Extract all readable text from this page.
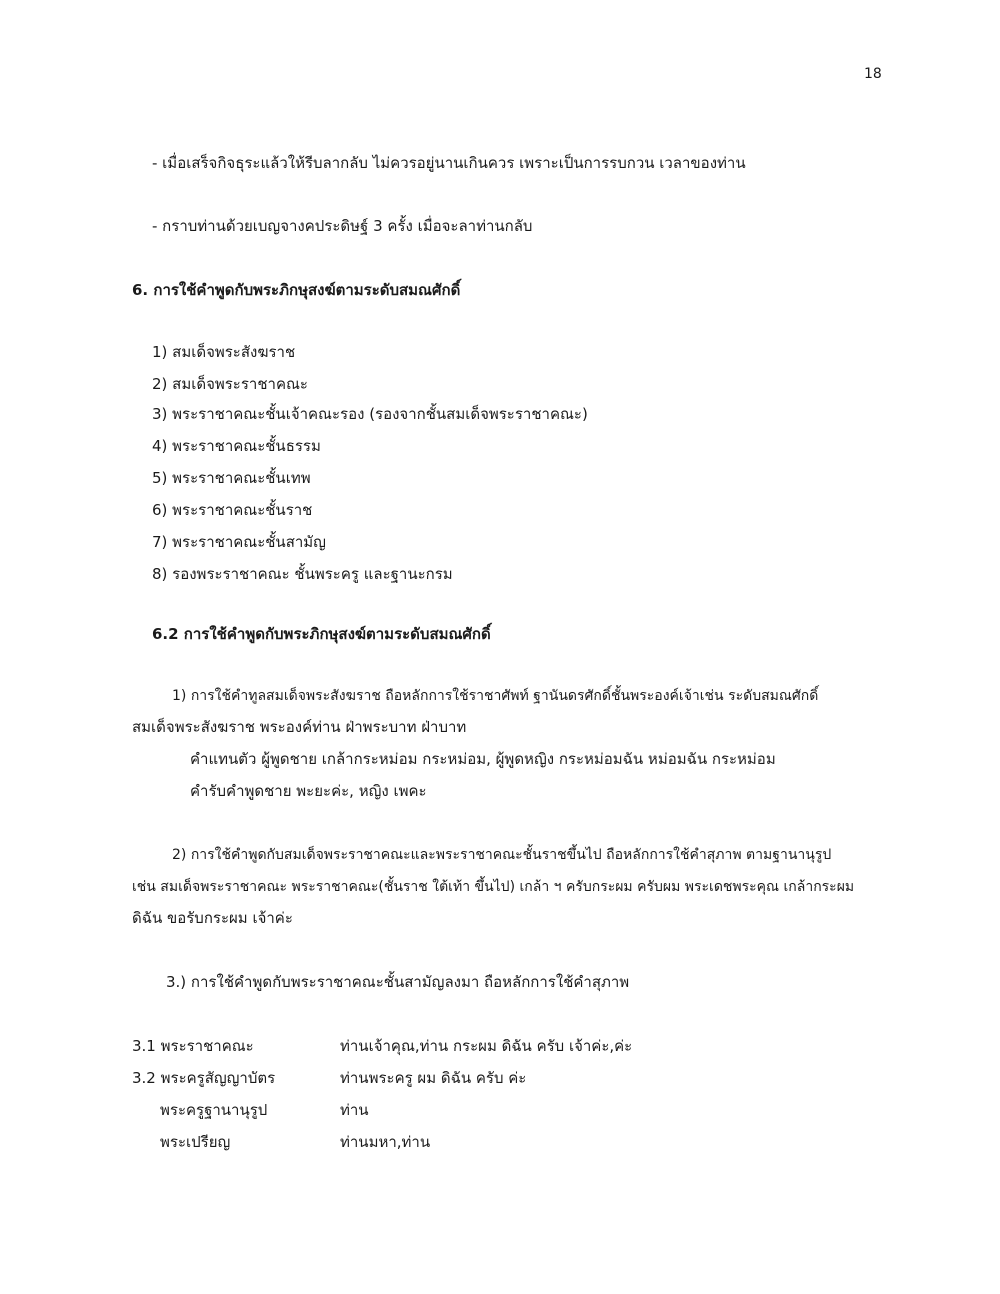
18
- เมื่อเสร็จกิจธุระแล้วให้รีบลากลับ ไม่ควรอยู่นานเกินควร เพราะเป็นการรบกวน เวลาของท่าน
- กราบท่านด้วยเบญจางคประดิษฐ์ 3 ครั้ง เมื่อจะลาท่านกลับ
6. การใช้คำพูดกับพระภิกษุสงฆ์ตามระดับสมณศักดิ์
1) สมเด็จพระสังฆราช
2) สมเด็จพระราชาคณะ
3) พระราชาคณะชั้นเจ้าคณะรอง (รองจากชั้นสมเด็จพระราชาคณะ)
4) พระราชาคณะชั้นธรรม
5) พระราชาคณะชั้นเทพ
6) พระราชาคณะชั้นราช
7) พระราชาคณะชั้นสามัญ
8) รองพระราชาคณะ ชั้นพระครู และฐานะกรม
6.2 การใช้คำพูดกับพระภิกษุสงฆ์ตามระดับสมณศักดิ์
1) การใช้คำทูลสมเด็จพระสังฆราช ถือหลักการใช้ราชาศัพท์ ฐานันดรศักดิ์ชั้นพระองค์เจ้าเช่น ระดับสมณศักดิ์
สมเด็จพระสังฆราช พระองค์ท่าน ฝ่าพระบาท ฝ่าบาท
คำแทนตัว ผู้พูดชาย เกล้ากระหม่อม กระหม่อม, ผู้พูดหญิง กระหม่อมฉัน หม่อมฉัน กระหม่อม
คำรับคำพูดชาย พะยะค่ะ, หญิง เพคะ
2) การใช้คำพูดกับสมเด็จพระราชาคณะและพระราชาคณะชั้นราชขึ้นไป ถือหลักการใช้คำสุภาพ ตามฐานานุรูป
เช่น สมเด็จพระราชาคณะ พระราชาคณะ(ชั้นราช ใต้เท้า ขึ้นไป) เกล้า ฯ ครับกระผม ครับผม พระเดชพระคุณ เกล้ากระผม
ดิฉัน ขอรับกระผม เจ้าค่ะ
3.) การใช้คำพูดกับพระราชาคณะชั้นสามัญลงมา ถือหลักการใช้คำสุภาพ
3.1 พระราชาคณะ	ท่านเจ้าคุณ,ท่าน กระผม ดิฉัน ครับ เจ้าค่ะ,ค่ะ
3.2 พระครูสัญญาบัตร	ท่านพระครู ผม ดิฉัน ครับ ค่ะ
พระครูฐานานุรูป	ท่าน
พระเปรียญ	ท่านมหา,ท่าน
